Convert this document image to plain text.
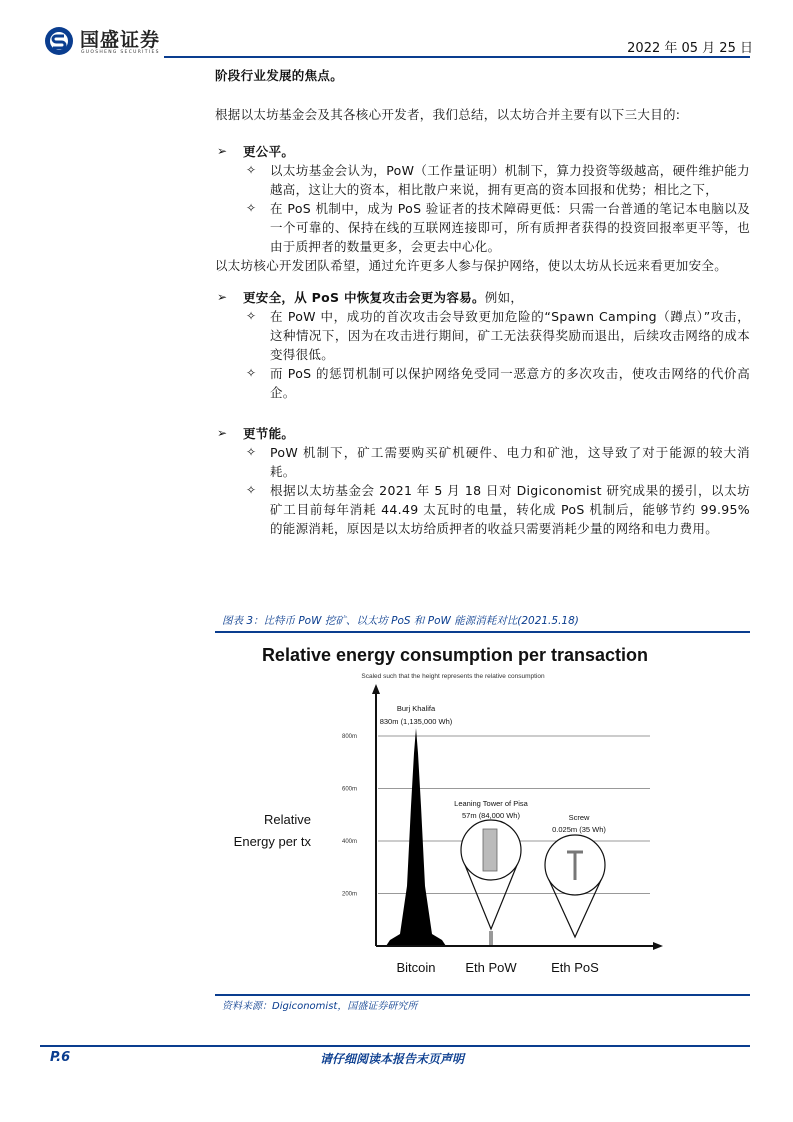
国盛证券
GUOSHENG SECURITIES	2022 年 05 月 25 日
阶段行业发展的焦点。
根据以太坊基金会及其各核心开发者，我们总结，以太坊合并主要有以下三大目的:
➢ 更公平。
✧ 以太坊基金会认为，PoW（工作量证明）机制下，算力投资等级越高，硬件维护能力越高，这让大的资本，相比散户来说，拥有更高的资本回报和优势；相比之下，
✧ 在 PoS 机制中，成为 PoS 验证者的技术障碍更低：只需一台普通的笔记本电脑以及一个可靠的、保持在线的互联网连接即可，所有质押者获得的投资回报率更平等，也由于质押者的数量更多，会更去中心化。
以太坊核心开发团队希望，通过允许更多人参与保护网络，使以太坊从长远来看更加安全。
➢ 更安全，从 PoS 中恢复攻击会更为容易。例如，
✧ 在 PoW 中，成功的首次攻击会导致更加危险的“Spawn Camping（蹲点）”攻击，这种情况下，因为在攻击进行期间，矿工无法获得奖励而退出，后续攻击网络的成本变得很低。
✧ 而 PoS 的惩罚机制可以保护网络免受同一恶意方的多次攻击，使攻击网络的代价高企。
➢ 更节能。
✧ PoW 机制下，矿工需要购买矿机硬件、电力和矿池，这导致了对于能源的较大消耗。
✧ 根据以太坊基金会 2021 年 5 月 18 日对 Digiconomist 研究成果的援引，以太坊矿工目前每年消耗 44.49 太瓦时的电量，转化成 PoS 机制后，能够节约 99.95% 的能源消耗，原因是以太坊给质押者的收益只需要消耗少量的网络和电力费用。
图表 3：比特币 PoW 挖矿、以太坊 PoS 和 PoW 能源消耗对比(2021.5.18)
Relative energy consumption per transaction
Scaled such that the height represents the relative consumption
Relative Energy per tx
200m
400m
600m
800m
Burj Khalifa
830m (1,135,000 Wh)
Leaning Tower of Pisa
57m (84,000 Wh)	Screw
0.025m (35 Wh)
Bitcoin Eth PoW	Eth PoS
资料来源：Digiconomist，国盛证券研究所
P.6	请仔细阅读本报告末页声明
